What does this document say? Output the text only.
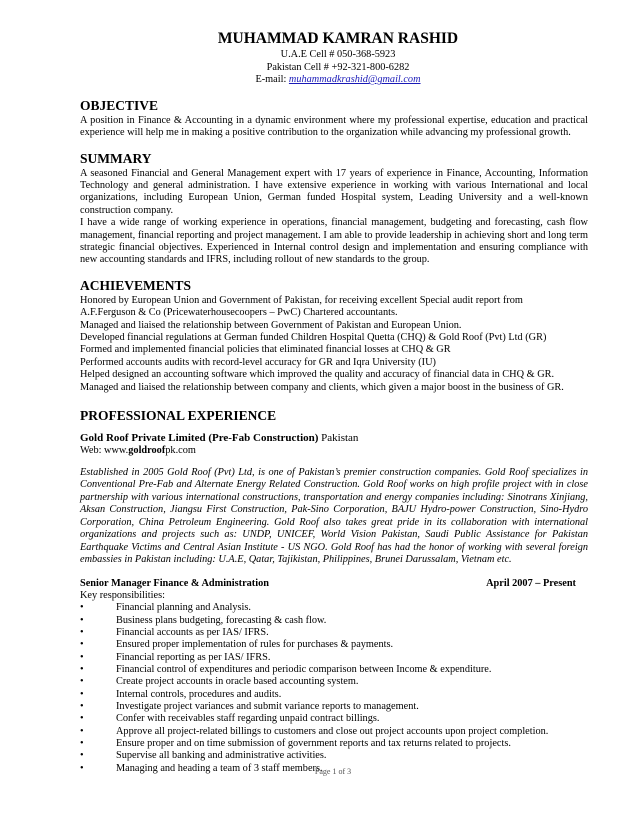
MUHAMMAD KAMRAN RASHID
U.A.E Cell # 050-368-5923
Pakistan Cell # +92-321-800-6282
E-mail: muhammadkrashid@gmail.com
OBJECTIVE
A position in Finance & Accounting in a dynamic environment where my professional expertise, education and practical experience will help me in making a positive contribution to the organization while advancing my professional growth.
SUMMARY

A seasoned Financial and General Management expert with 17 years of experience in Finance, Accounting, Information Technology and general administration. I have extensive experience in working with various International and local organizations, including European Union, German funded Hospital system, Leading University and a well-known construction company.

I have a wide range of working experience in operations, financial management, budgeting and forecasting, cash flow management, financial reporting and project management. I am able to provide leadership in achieving short and long term strategic financial objectives. Experienced in Internal control design and implementation and ensuring compliance with new accounting standards and IFRS, including rollout of new standards to the group.

ACHIEVEMENTS
Honored by European Union and Government of Pakistan, for receiving excellent Special audit report from
A.F.Ferguson & Co (Pricewaterhousecoopers – PwC) Chartered accountants.
Managed and liaised the relationship between Government of Pakistan and European Union.
Developed financial regulations at German funded Children Hospital Quetta (CHQ) & Gold Roof (Pvt) Ltd (GR)
Formed and implemented financial policies that eliminated financial losses at CHQ & GR
Performed accounts audits with record-level accuracy for GR and Iqra University (IU)
Helped designed an accounting software which improved the quality and accuracy of financial data in CHQ & GR.
Managed and liaised the relationship between company and clients, which given a major boost in the business of GR.
PROFESSIONAL EXPERIENCE
Gold Roof Private Limited (Pre-Fab Construction) Pakistan
Web: www.goldroofpk.com
Established in 2005 Gold Roof (Pvt) Ltd, is one of Pakistan’s premier construction companies. Gold Roof specializes in Conventional Pre-Fab and Alternate Energy Related Construction. Gold Roof works on high profile project with in close partnership with various international constructions, transportation and energy companies including: Sinotrans Xinjiang, Aksan Construction, Jiangsu First Construction, Pak-Sino Corporation, BAJU Hydro-power Construction, Sino-Hydro Corporation, China Petroleum Engineering. Gold Roof also takes great pride in its collaboration with international organizations and projects such as: UNDP, UNICEF, World Vision Pakistan, Saudi Public Assistance for Pakistan Earthquake Victims and Central Asian Institute - US NGO. Gold Roof has had the honor of working with several foreign embassies in Pakistan including: U.A.E, Qatar, Tajikistan, Philippines, Brunei Darussalam, Vietnam etc.
Senior Manager Finance & Administration	April 2007 – Present
Key responsibilities:
•	Financial planning and Analysis.
•	Business plans budgeting, forecasting & cash flow.
•	Financial accounts as per IAS/ IFRS.
•	Ensured proper implementation of rules for purchases & payments.
•	Financial reporting as per IAS/ IFRS.
•	Financial control of expenditures and periodic comparison between Income & expenditure.
•	Create project accounts in oracle based accounting system.
•	Internal controls, procedures and audits.
•	Investigate project variances and submit variance reports to management.
•	Confer with receivables staff regarding unpaid contract billings.
•	Approve all project-related billings to customers and close out project accounts upon project completion.
•	Ensure proper and on time submission of government reports and tax returns related to projects.
•	Supervise all banking and administrative activities.
•	Managing and heading a team of 3 staff members.
Page 1 of 3
